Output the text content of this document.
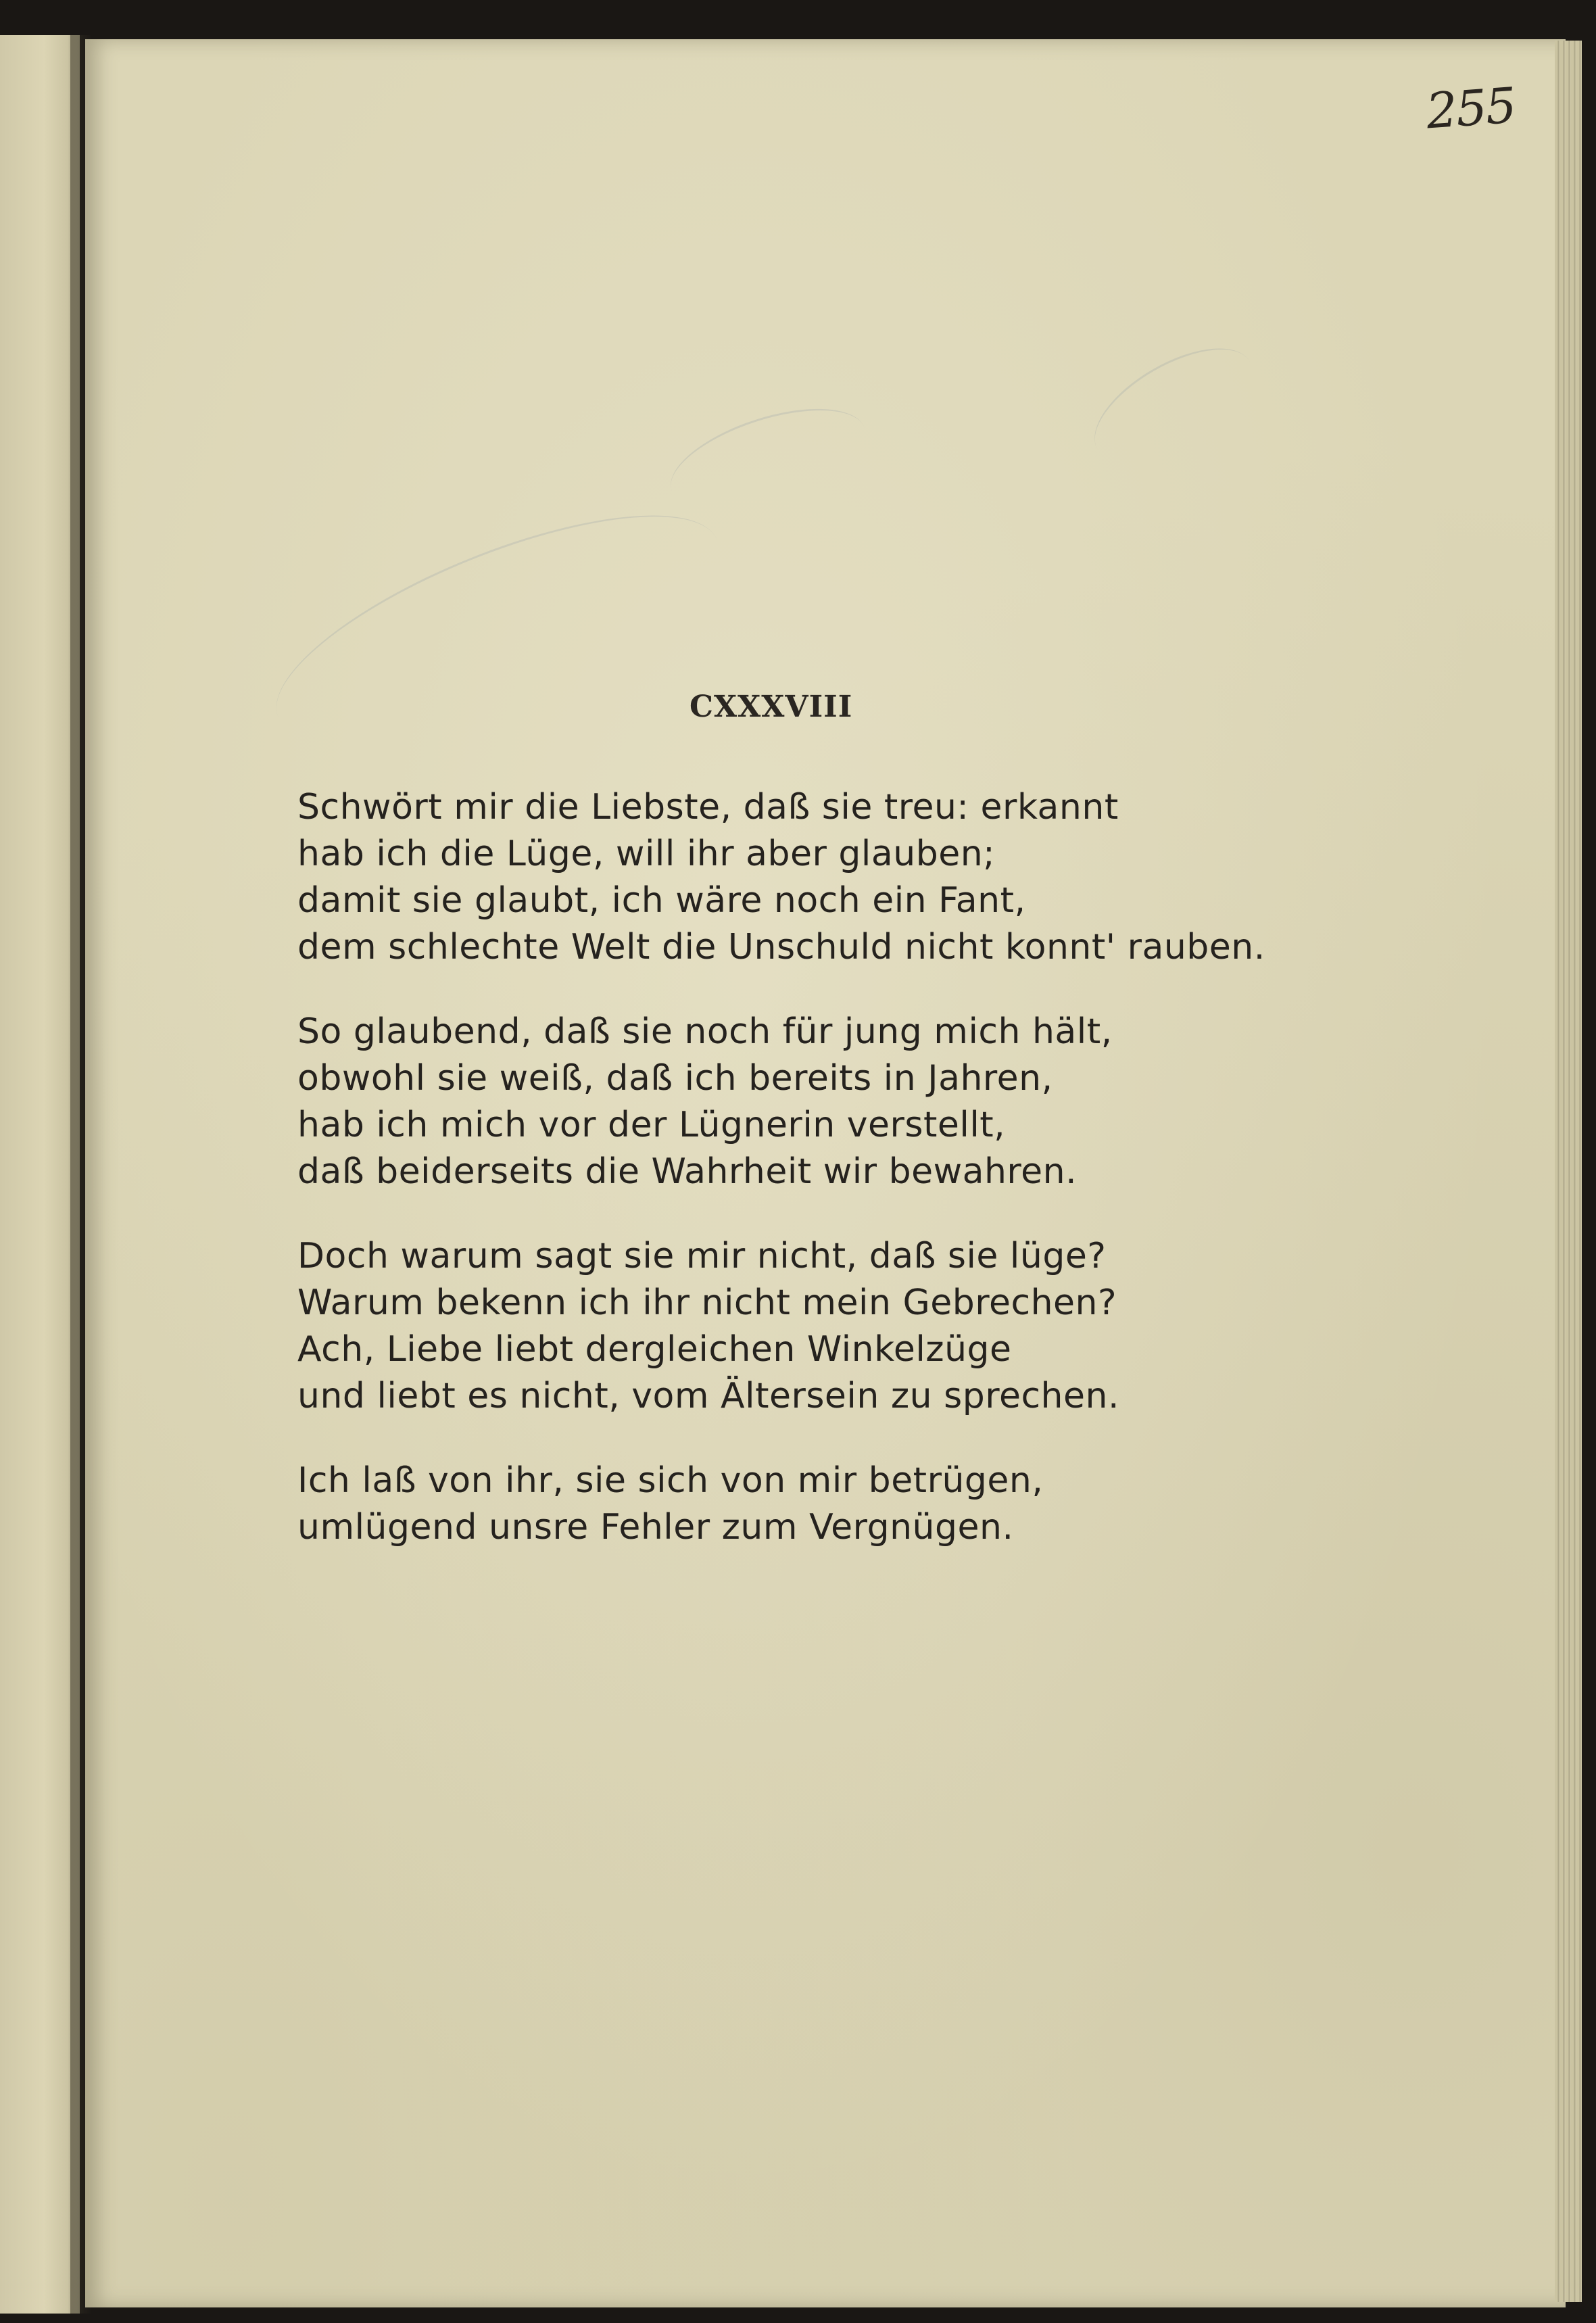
255
CXXXVIII
Schwört mir die Liebste, daß sie treu: erkannt
hab ich die Lüge, will ihr aber glauben;
damit sie glaubt, ich wäre noch ein Fant,
dem schlechte Welt die Unschuld nicht konnt' rauben.
So glaubend, daß sie noch für jung mich hält,
obwohl sie weiß, daß ich bereits in Jahren,
hab ich mich vor der Lügnerin verstellt,
daß beiderseits die Wahrheit wir bewahren.
Doch warum sagt sie mir nicht, daß sie lüge?
Warum bekenn ich ihr nicht mein Gebrechen?
Ach, Liebe liebt dergleichen Winkelzüge
und liebt es nicht, vom Ältersein zu sprechen.
Ich laß von ihr, sie sich von mir betrügen,
umlügend unsre Fehler zum Vergnügen.
